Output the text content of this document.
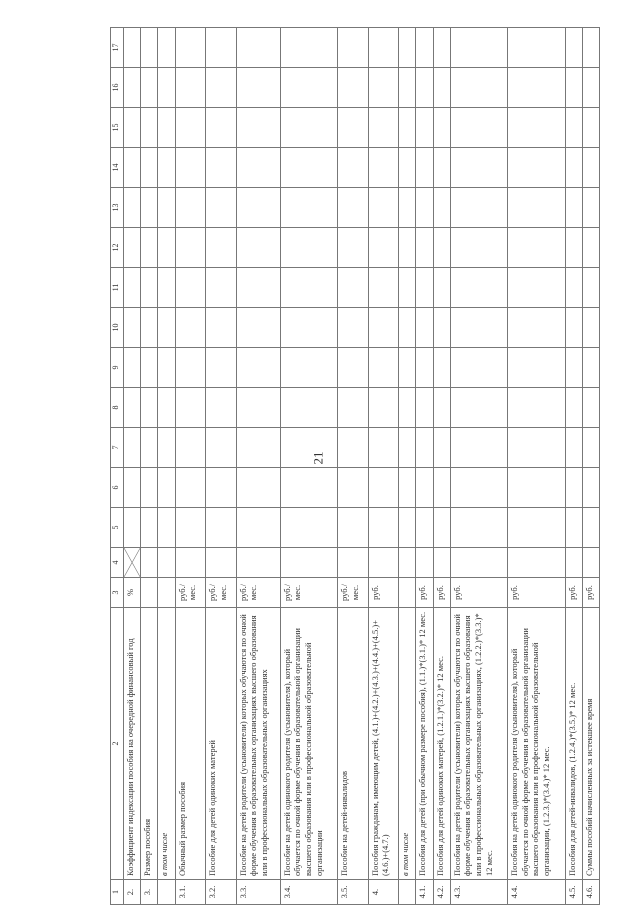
21
1	2	3	4	5	6	7	8	9	10	11	12	13	14	15	16	17
2.	Коэффициент индексации пособия на очередной финансовый год	%	

3.	Размер пособия															
	в том числе															
3.1.	Обычный размер пособия	руб./ мес.														
3.2.	Пособие для детей одиноких матерей	руб./ мес.														
3.3.	Пособие на детей родители (усыновители) которых обучаются по очной форме обучения в образовательных организациях высшего образования или в профессиональных образовательных организациях	руб./ мес.														
3.4.	Пособие на детей одинокого родителя (усыновителя), который обучается по очной форме обучения в образовательной организации высшего образования или в профессиональной образовательной организации	руб./ мес.														
3.5.	Пособие на детей-инвалидов	руб./ мес.														
4.	Пособия гражданам, имеющим детей, (4.1.)+(4.2.)+(4.3.)+(4.4.)+(4.5.)+(4.6.)+(4.7.)	руб.														
	в том числе															
4.1.	Пособия для детей (при обычном размере пособия), (1.1.)*(3.1.)* 12 мес.	руб.														
4.2.	Пособия для детей одиноких матерей, (1.2.1.)*(3.2.)* 12 мес.	руб.														
4.3.	Пособия на детей родители (усыновители) которых обучаются по очной форме обучения в образовательных организациях высшего образования или в профессиональных образовательных организациях, (1.2.2.)*(3.3.)* 12 мес.	руб.														
4.4.	Пособия на детей одинокого родителя (усыновителя), который обучается по очной форме обучения в образовательной организации высшего образования или в профессиональной образовательной организации, (1.2.3.)*(3.4.)* 12 мес.	руб.														
4.5.	Пособия для детей-инвалидов, (1.2.4.)*(3.5.)* 12 мес.	руб.														
4.6.	Суммы пособий начисленных за истекшее время	руб.														
